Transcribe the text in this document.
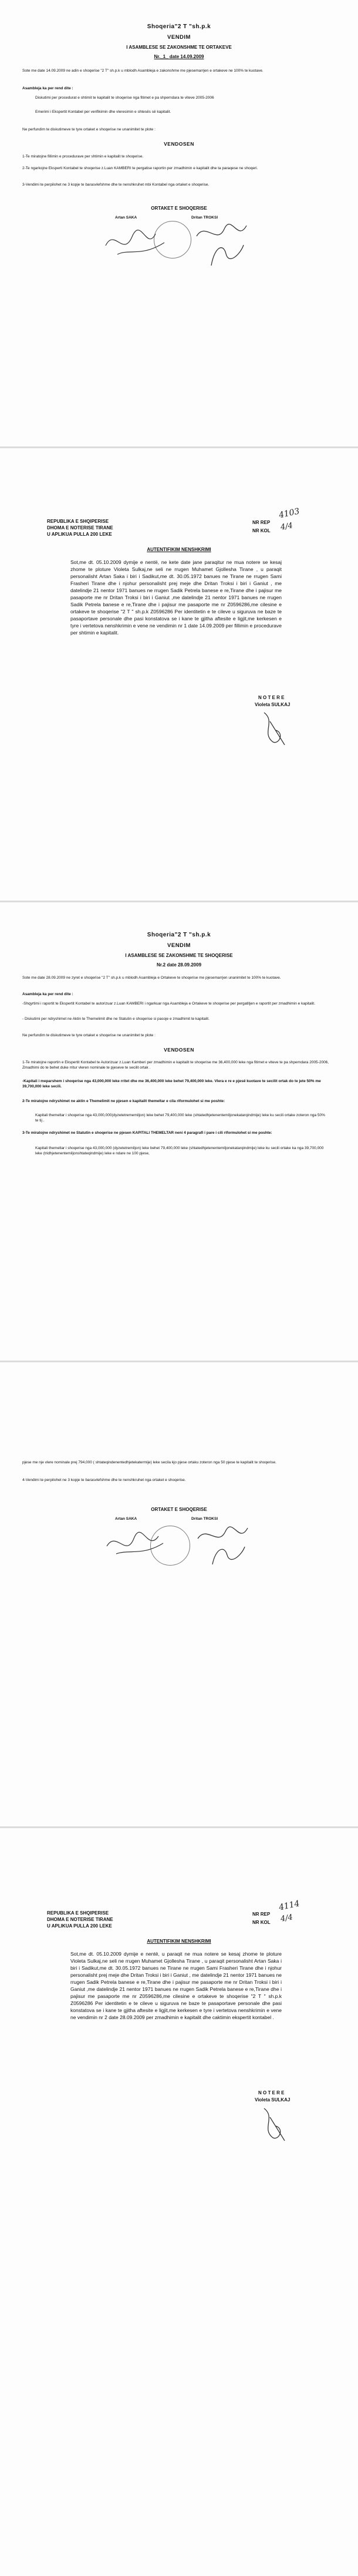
Shoqeria"2 T "sh.p.k
VENDIM
I ASAMBLESE SE ZAKONSHME TE ORTAKEVE
Nr._1_ date 14.09.2009
Sote me date 14.09.2009 ne adin e shoqerise "2 T" sh.p.k u mblodh Asambleja e zakonshme me pjesemarrjen e ortakeve ne 100% te kuotave.
Asambleja ka per rend dite :
Diskutimi per procedurat e shtimit te kapitalit te shoqerise nga fitimet e pa shperndara te viteve 2005-2006
Emerimi i Ekspertit Kontabel per verifikimin dhe vleresimin e shtesës së kapitalit.
Ne perfundim te diskutimeve te tyre ortaket e shoqerise ne unanimitet te plote :
VENDOSEN
1-Te miratojne fillimin e procedurave per shtimin e kapitalit te shoqerise.
2-Te ngarkojne Eksperti Kontabel te shoqerise z.Luan KAMBERI te pergatise raportin per zmadhimin e kapitalit dhe ta paraqese ne shoqeri.
3-Vendimi te perpilohet ne 3 kopje te barasvlefshme dhe te nenshkruhet mbi Kontabel nga ortaket e shoqerise.
ORTAKET E SHOQERISE
Artan SAKA	Dritan TROKSI
REPUBLIKA E SHQIPERISE
DHOMA E NOTERISE TIRANE
U APLIKUA PULLA 200 LEKE
NR REP
NR KOL
4103
4/4
AUTENTIFIKIM NENSHKRIMI
Sot,me dt. 05.10.2009 dymije e nentë, ne kete date jane paraqitur ne mua notere se kesaj zhome te ploture Violeta Sulkaj,ne seli ne rrugen Muhamet Gjollesha Tirane , u paraqit personalisht Artan Saka i biri i Sadikut,me dt. 30.05.1972 banues ne Tirane ne rrugen Sami Frasheri Tirane dhe i njohur personalisht prej meje dhe Dritan Troksi i biri i Ganiut , me datelindje 21 nentor 1971 banues ne rrugen Sadik Petrela banese e re,Tirane dhe i pajisur me pasaporte me nr Dritan Troksi i biri i Ganiut ,me datelindje 21 nentor 1971 banues ne rrugen Sadik Petrela banese e re,Tirane dhe i pajisur me pasaporte me nr Z0596286,me cilesine e ortakeve te shoqerise "2 T " sh.p.k Z0596286 Per identitetin e te cileve u siguruva ne baze te pasaportave personale dhe pasi konstatova se i kane te gjitha aftesite e ligjit,me kerkesen e tyre i vertetova nenshkrimin e vene ne vendimin nr 1 date 14.09.2009 per fillimin e procedurave per shtimin e kapitalit.
N O T E R E
Violeta SULKAJ
Shoqeria"2 T "sh.p.k
VENDIM
I ASAMBLESE SE ZAKONSHME TE SHOQERISE
Nr.2 date 28.09.2009
Sote me date 28.09.2009 ne zyret e shoqerise "2 T" sh.p.k u mblodh Asambleja e Ortakeve te shoqerise me pjesemarrjen unanimitet te 100% te kuotave.
Asambleja ka per rend dite :
-Shqyrtimi i raportit te Ekspertit Kontabel te autorizuar z.Luan KAMBERI i ngarkuar nga Asambleja e Ortakeve te shoqerise per pergatitjen e raportit per zmadhimin e kapitalit.
- Diskutimi per ndryshimet ne Aktin te Themelimit dhe ne Statutin e shoqerise si pasoje e zmadhimit te kapitalit.
Ne perfundim te diskutimeve te tyre ortaket e shoqerise ne unanimitet te plote :
VENDOSEN
1-Te miratojne raportin e Ekspertit Kontabel te Autorizuar z.Luan Kamberi per zmadhimin e kapitalit te shoqerise me 36,400,000 leke nga fitimet e viteve te pa shperndara 2005-2006, Zmadhimi do te behet duke rritur vleren nominale te pjeseve te secilit ortak .
-Kapitali i meparshem i shoqerise nga 43,000,000 leke rritet dhe me 36,400,000 leke behet 79,400,000 leke. Vlera e re e pjesë kuotave te secilit ortak do te jete 50% me 39,700,000 leke secili.
2-Te miratojne ndryshimet ne aktin e Themelimit ne pjesen e kapitalit themeltar e cila riformulohet si me poshte:
Kapitali themeltar i shoqerise nga 43,000,000(dyzetetrememiljon) leke behet 79,400,000 leke (shtatedhjetenentemiljonekatarqindmije) leke ku secili ortake zoteron nga 50% te tij .
3-Te miratojne ndryshimet ne Statutin e shoqerise ne pjesen KAPITALI THEMELTAR neni 4 paragrafi i pare i cili riformulohet si me poshte:
Kapitali themeltar i shoqerise nga 43,000,000 (dyzetetremiljon) leke behet 79,400,000 leke (shtatedhjetenentemiljonekatarqindmije) leke ku secili ortake ka nga 39,700,000 leke (tridhjetenentemiljonshtateqindmije) leke e ndare ne 100 pjese,
pjese me nje vlere nominale prej 794,000 ( shtateqindenentedhjetekatermije) leke secila kjo pjese ortaku zoteron nga 50 pjese te kapitalit te shoqerise.
4-Vendimi te perpilohet ne 3 kopje te barasvlefshme dhe te nenshkruhet nga ortaket e shoqerise.
ORTAKET E SHOQERISE
Artan SAKA	Dritan TROKSI
REPUBLIKA E SHQIPERISE
DHOMA E NOTERISE TIRANE
U APLIKUA PULLA 200 LEKE
NR REP
NR KOL
4114
4/4
AUTENTIFIKIM NENSHKRIMI
Sot,me dt. 05.10.2009 dymije e nentë, u paraqit ne mua notere se kesaj zhome te ploture Violeta Sulkaj,ne seli ne rrugen Muhamet Gjollesha Tirane , u paraqit personalisht Artan Saka i biri i Sadikut,me dt. 30.05.1972 banues ne Tirane ne rrugen Sami Frasheri Tirane dhe i njohur personalisht prej meje dhe Dritan Troksi i biri i Ganiut , me datelindje 21 nentor 1971 banues ne rrugen Sadik Petrela banese e re,Tirane dhe i pajisur me pasaporte me nr Dritan Troksi i biri i Ganiut ,me datelindje 21 nentor 1971 banues ne rrugen Sadik Petrela banese e re,Tirane dhe i pajisur me pasaporte me nr Z0596286,me cilesine e ortakeve te shoqerise "2 T " sh.p.k Z0596286 Per identitetin e te cileve u siguruva ne baze te pasaportave personale dhe pasi konstatova se i kane te gjitha aftesite e ligjit,me kerkesen e tyre i vertetova nenshkrimin e vene ne vendimin nr 2 date 28.09.2009 per zmadhimin e kapitalit dhe caktimin ekspertit kontabel .
N O T E R E
Violeta SULKAJ
